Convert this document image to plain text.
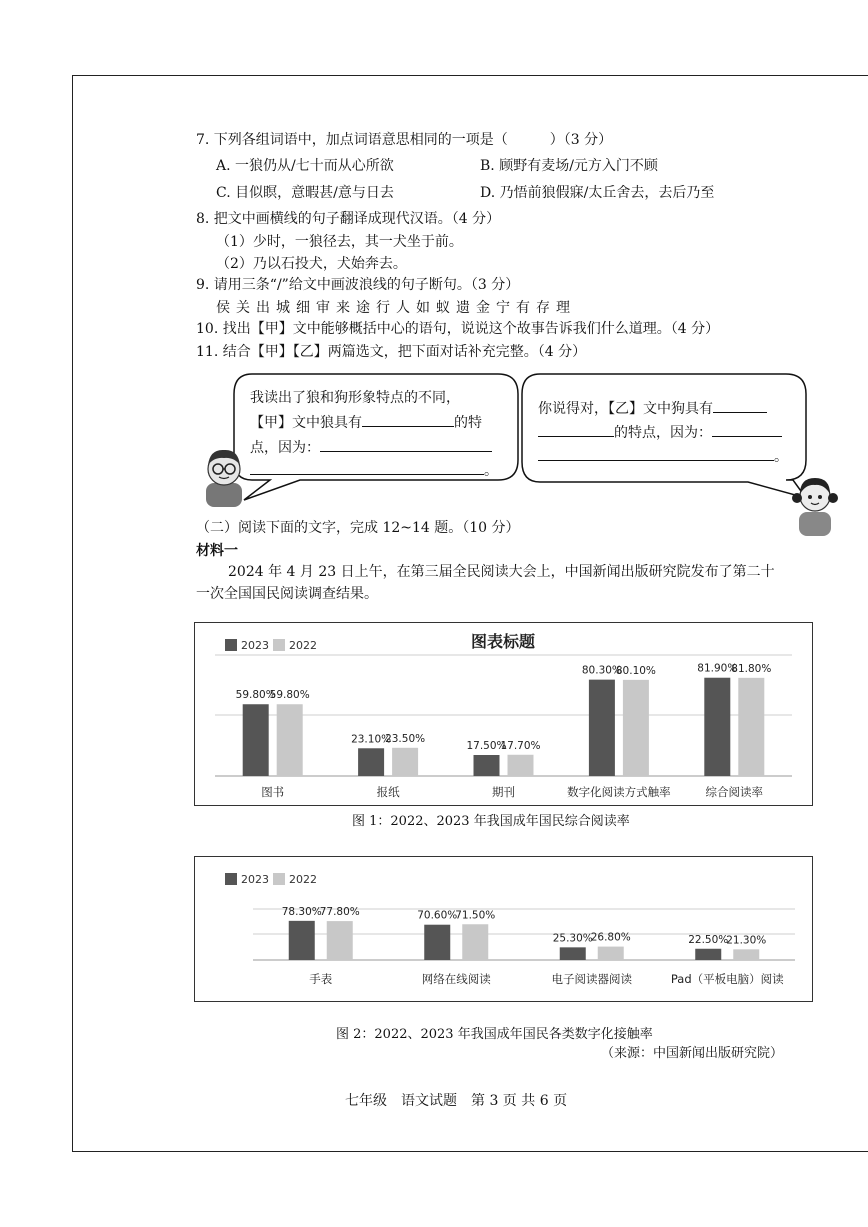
7. 下列各组词语中，加点词语意思相同的一项是（　　　）（3 分）
A. 一狼仍从/七十而从心所欲	B. 顾野有麦场/元方入门不顾
C. 目似瞑，意暇甚/意与日去	D. 乃悟前狼假寐/太丘舍去，去后乃至
8. 把文中画横线的句子翻译成现代汉语。（4 分）
（1）少时，一狼径去，其一犬坐于前。
（2）乃以石投犬，犬始奔去。
9. 请用三条“/”给文中画波浪线的句子断句。（3 分）
侯关出城细审来途行人如蚁遗金宁有存理
10. 找出【甲】文中能够概括中心的语句，说说这个故事告诉我们什么道理。（4 分）
11. 结合【甲】【乙】两篇选文，把下面对话补充完整。（4 分）
我读出了狼和狗形象特点的不同，
【甲】文中狼具有	的特
点，因为：
。
你说得对，【乙】文中狗具有
的特点，因为：
。
（二）阅读下面的文字，完成 12~14 题。（10 分）
材料一
2024 年 4 月 23 日上午，在第三届全民阅读大会上，中国新闻出版研究院发布了第二十
一次全国国民阅读调查结果。
2023 2022	图表标题
59.80%
59.80%
图书
23.10%
23.50%
报纸
17.50%
17.70%
期刊
80.30%
80.10%
数字化阅读方式触率
81.90%
81.80%
综合阅读率
图 1：2022、2023 年我国成年国民综合阅读率
2023 2022
78.30%
77.80%
手表
70.60%
71.50%
网络在线阅读
25.30%
26.80%
电子阅读器阅读
22.50%
21.30%
Pad（平板电脑）阅读
图 2：2022、2023 年我国成年国民各类数字化接触率
（来源：中国新闻出版研究院）
七年级　语文试题　第 3 页 共 6 页
